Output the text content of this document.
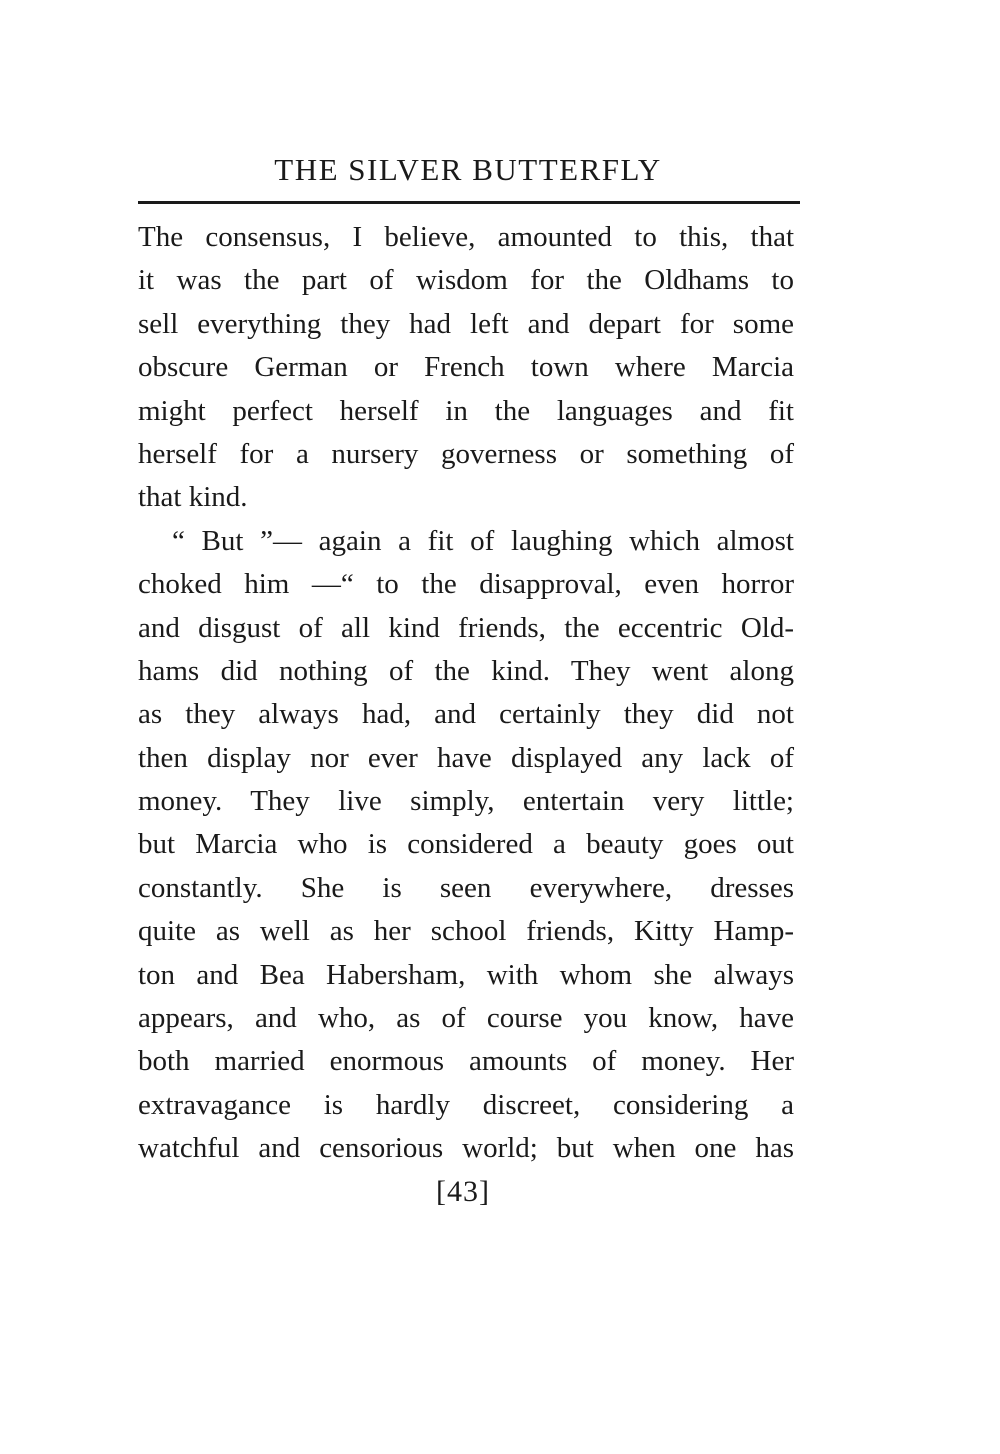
THE SILVER BUTTERFLY
The consensus, I believe, amounted to this, that
it was the part of wisdom for the Oldhams to
sell everything they had left and depart for some
obscure German or French town where Marcia
might perfect herself in the languages and fit
herself for a nursery governess or something of
that kind.
“ But ”— again a fit of laughing which almost
choked him —“ to the disapproval, even horror
and disgust of all kind friends, the eccentric Old-
hams did nothing of the kind. They went along
as they always had, and certainly they did not
then display nor ever have displayed any lack of
money. They live simply, entertain very little;
but Marcia who is considered a beauty goes out
constantly. She is seen everywhere, dresses
quite as well as her school friends, Kitty Hamp-
ton and Bea Habersham, with whom she always
appears, and who, as of course you know, have
both married enormous amounts of money. Her
extravagance is hardly discreet, considering a
watchful and censorious world; but when one has
[43]
